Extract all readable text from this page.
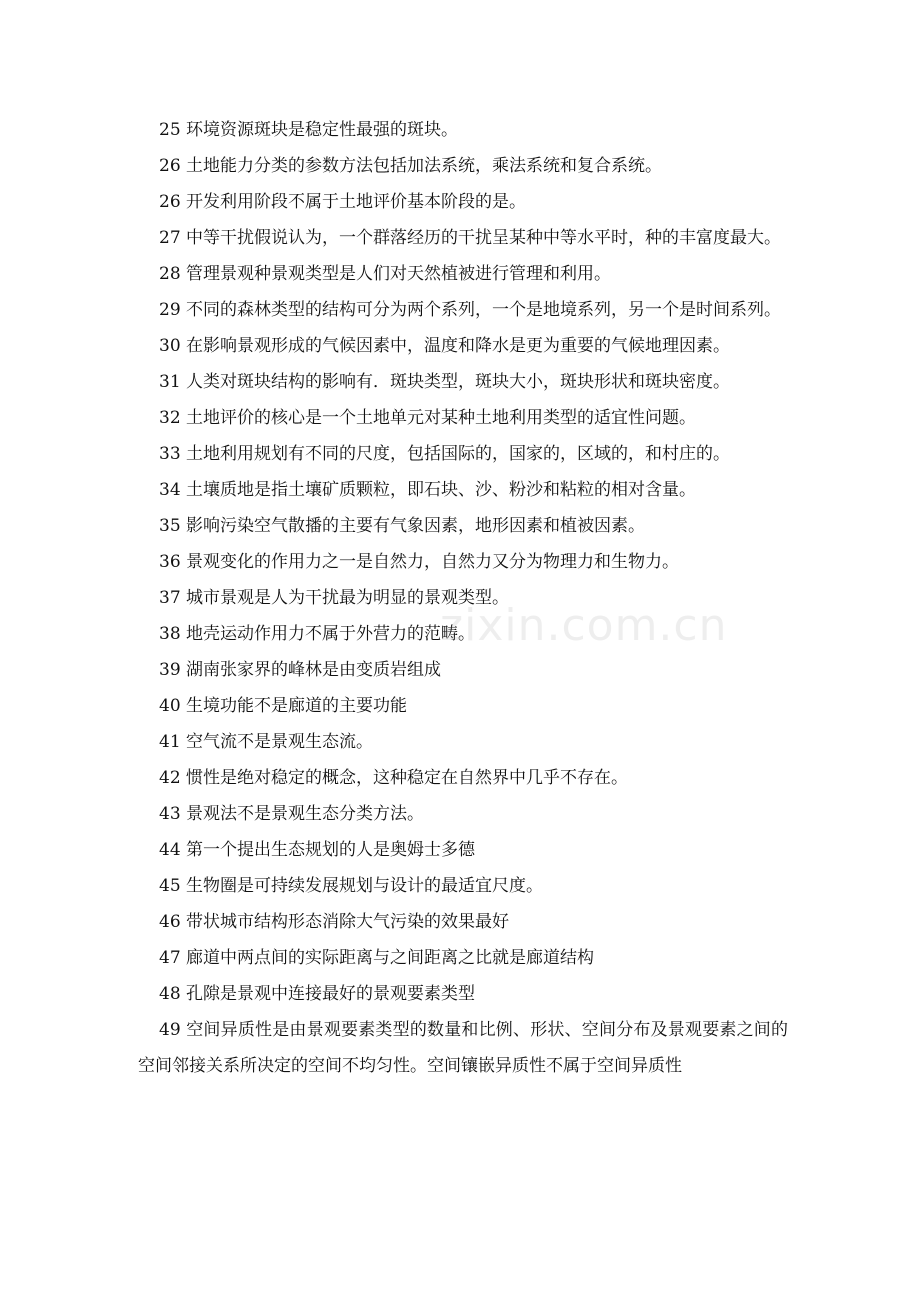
25 环境资源斑块是稳定性最强的斑块。

26 土地能力分类的参数方法包括加法系统，乘法系统和复合系统。

26 开发利用阶段不属于土地评价基本阶段的是。

27 中等干扰假说认为，一个群落经历的干扰呈某种中等水平时，种的丰富度最大。

28 管理景观种景观类型是人们对天然植被进行管理和利用。

29 不同的森林类型的结构可分为两个系列，一个是地境系列，另一个是时间系列。

30 在影响景观形成的气候因素中，温度和降水是更为重要的气候地理因素。

31 人类对斑块结构的影响有．斑块类型，斑块大小，斑块形状和斑块密度。

32 土地评价的核心是一个土地单元对某种土地利用类型的适宜性问题。

33 土地利用规划有不同的尺度，包括国际的，国家的，区域的，和村庄的。

34 土壤质地是指土壤矿质颗粒，即石块、沙、粉沙和粘粒的相对含量。

35 影响污染空气散播的主要有气象因素，地形因素和植被因素。

36 景观变化的作用力之一是自然力，自然力又分为物理力和生物力。

37 城市景观是人为干扰最为明显的景观类型。

38 地壳运动作用力不属于外营力的范畴。

39 湖南张家界的峰林是由变质岩组成

40 生境功能不是廊道的主要功能

41 空气流不是景观生态流。

42 惯性是绝对稳定的概念，这种稳定在自然界中几乎不存在。

43 景观法不是景观生态分类方法。

44 第一个提出生态规划的人是奥姆士多德

45 生物圈是可持续发展规划与设计的最适宜尺度。

46 带状城市结构形态消除大气污染的效果最好

47 廊道中两点间的实际距离与之间距离之比就是廊道结构

48 孔隙是景观中连接最好的景观要素类型

49 空间异质性是由景观要素类型的数量和比例、形状、空间分布及景观要素之间的空间邻接关系所决定的空间不均匀性。空间镶嵌异质性不属于空间异质性

zixin.com.cn
